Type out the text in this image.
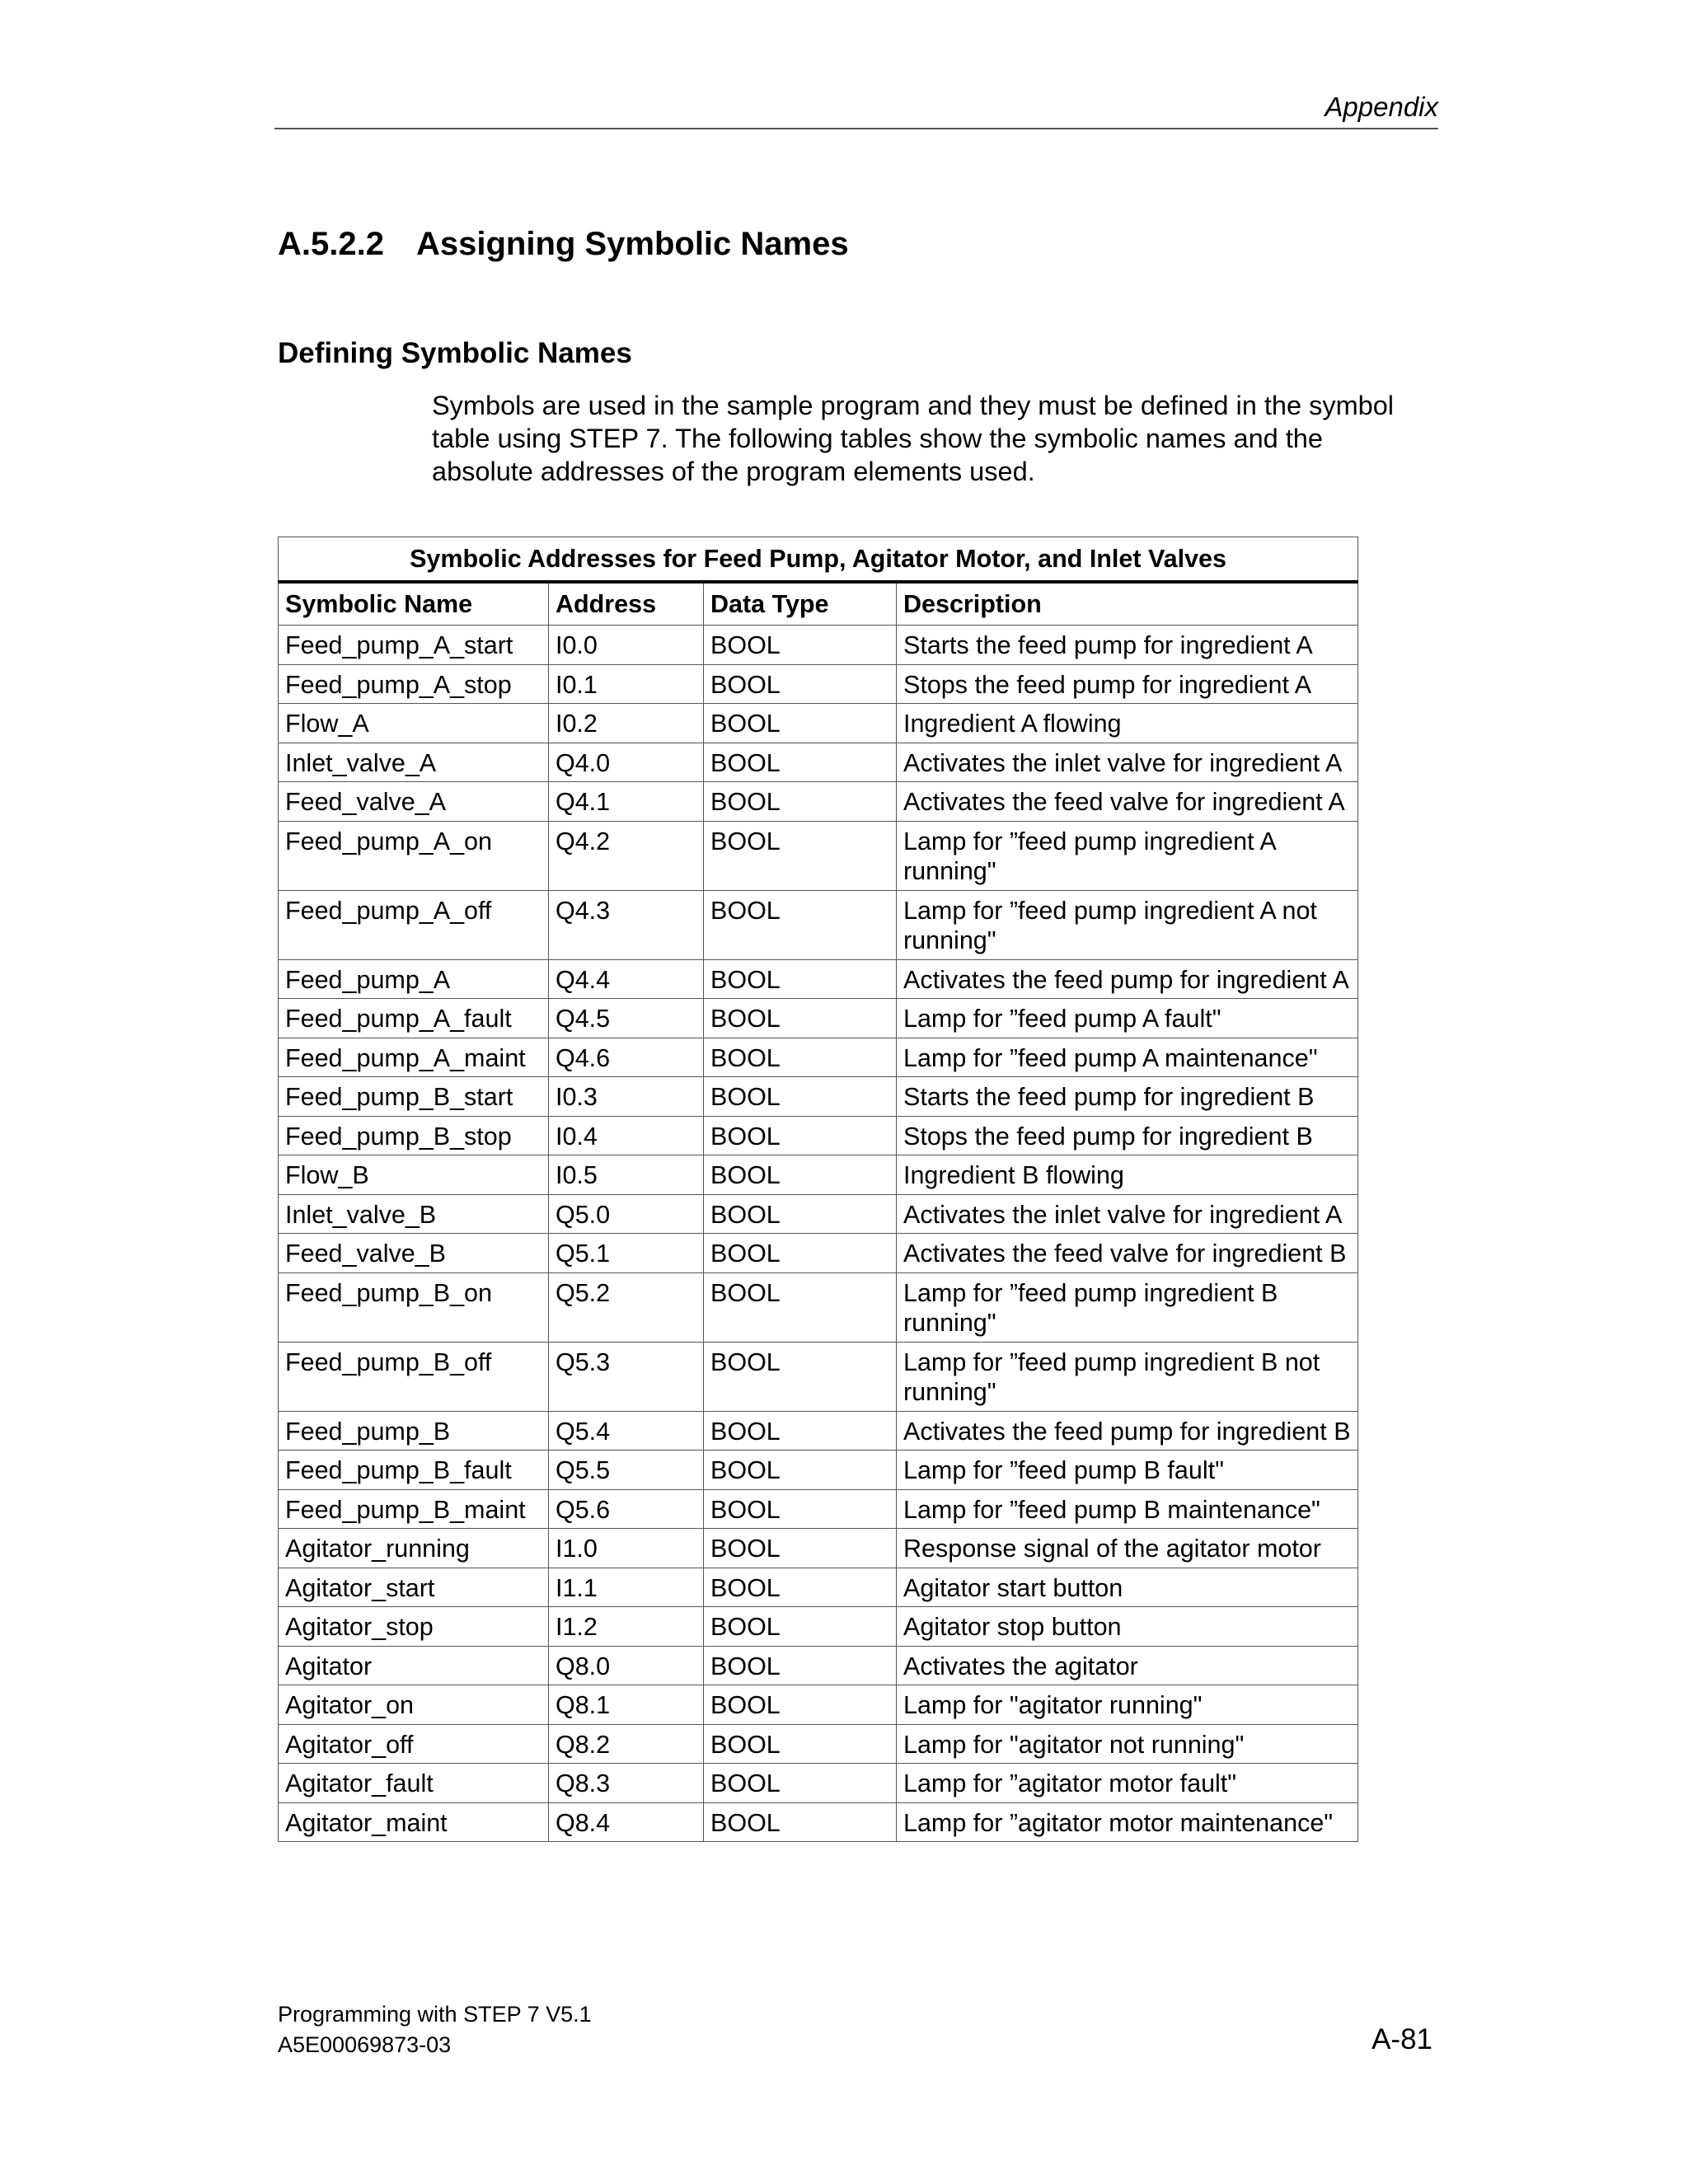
Appendix
A.5.2.2 Assigning Symbolic Names
Defining Symbolic Names
Symbols are used in the sample program and they must be defined in the symbol
table using STEP 7. The following tables show the symbolic names and the
absolute addresses of the program elements used.
Symbolic Addresses for Feed Pump, Agitator Motor, and Inlet Valves			
Symbolic Name	Address	Data Type	Description
Feed_pump_A_start	I0.0	BOOL	Starts the feed pump for ingredient A
Feed_pump_A_stop	I0.1	BOOL	Stops the feed pump for ingredient A
Flow_A	I0.2	BOOL	Ingredient A flowing
Inlet_valve_A	Q4.0	BOOL	Activates the inlet valve for ingredient A
Feed_valve_A	Q4.1	BOOL	Activates the feed valve for ingredient A
Feed_pump_A_on	Q4.2	BOOL	Lamp for ”feed pump ingredient A running"
Feed_pump_A_off	Q4.3	BOOL	Lamp for ”feed pump ingredient A not running"
Feed_pump_A	Q4.4	BOOL	Activates the feed pump for ingredient A
Feed_pump_A_fault	Q4.5	BOOL	Lamp for ”feed pump A fault"
Feed_pump_A_maint	Q4.6	BOOL	Lamp for ”feed pump A maintenance"
Feed_pump_B_start	I0.3	BOOL	Starts the feed pump for ingredient B
Feed_pump_B_stop	I0.4	BOOL	Stops the feed pump for ingredient B
Flow_B	I0.5	BOOL	Ingredient B flowing
Inlet_valve_B	Q5.0	BOOL	Activates the inlet valve for ingredient A
Feed_valve_B	Q5.1	BOOL	Activates the feed valve for ingredient B
Feed_pump_B_on	Q5.2	BOOL	Lamp for ”feed pump ingredient B running"
Feed_pump_B_off	Q5.3	BOOL	Lamp for ”feed pump ingredient B not running"
Feed_pump_B	Q5.4	BOOL	Activates the feed pump for ingredient B
Feed_pump_B_fault	Q5.5	BOOL	Lamp for ”feed pump B fault"
Feed_pump_B_maint	Q5.6	BOOL	Lamp for ”feed pump B maintenance"
Agitator_running	I1.0	BOOL	Response signal of the agitator motor
Agitator_start	I1.1	BOOL	Agitator start button
Agitator_stop	I1.2	BOOL	Agitator stop button
Agitator	Q8.0	BOOL	Activates the agitator
Agitator_on	Q8.1	BOOL	Lamp for "agitator running"
Agitator_off	Q8.2	BOOL	Lamp for "agitator not running"
Agitator_fault	Q8.3	BOOL	Lamp for ”agitator motor fault"
Agitator_maint	Q8.4	BOOL	Lamp for ”agitator motor maintenance"
Programming with STEP 7 V5.1
A5E00069873-03	A-81
